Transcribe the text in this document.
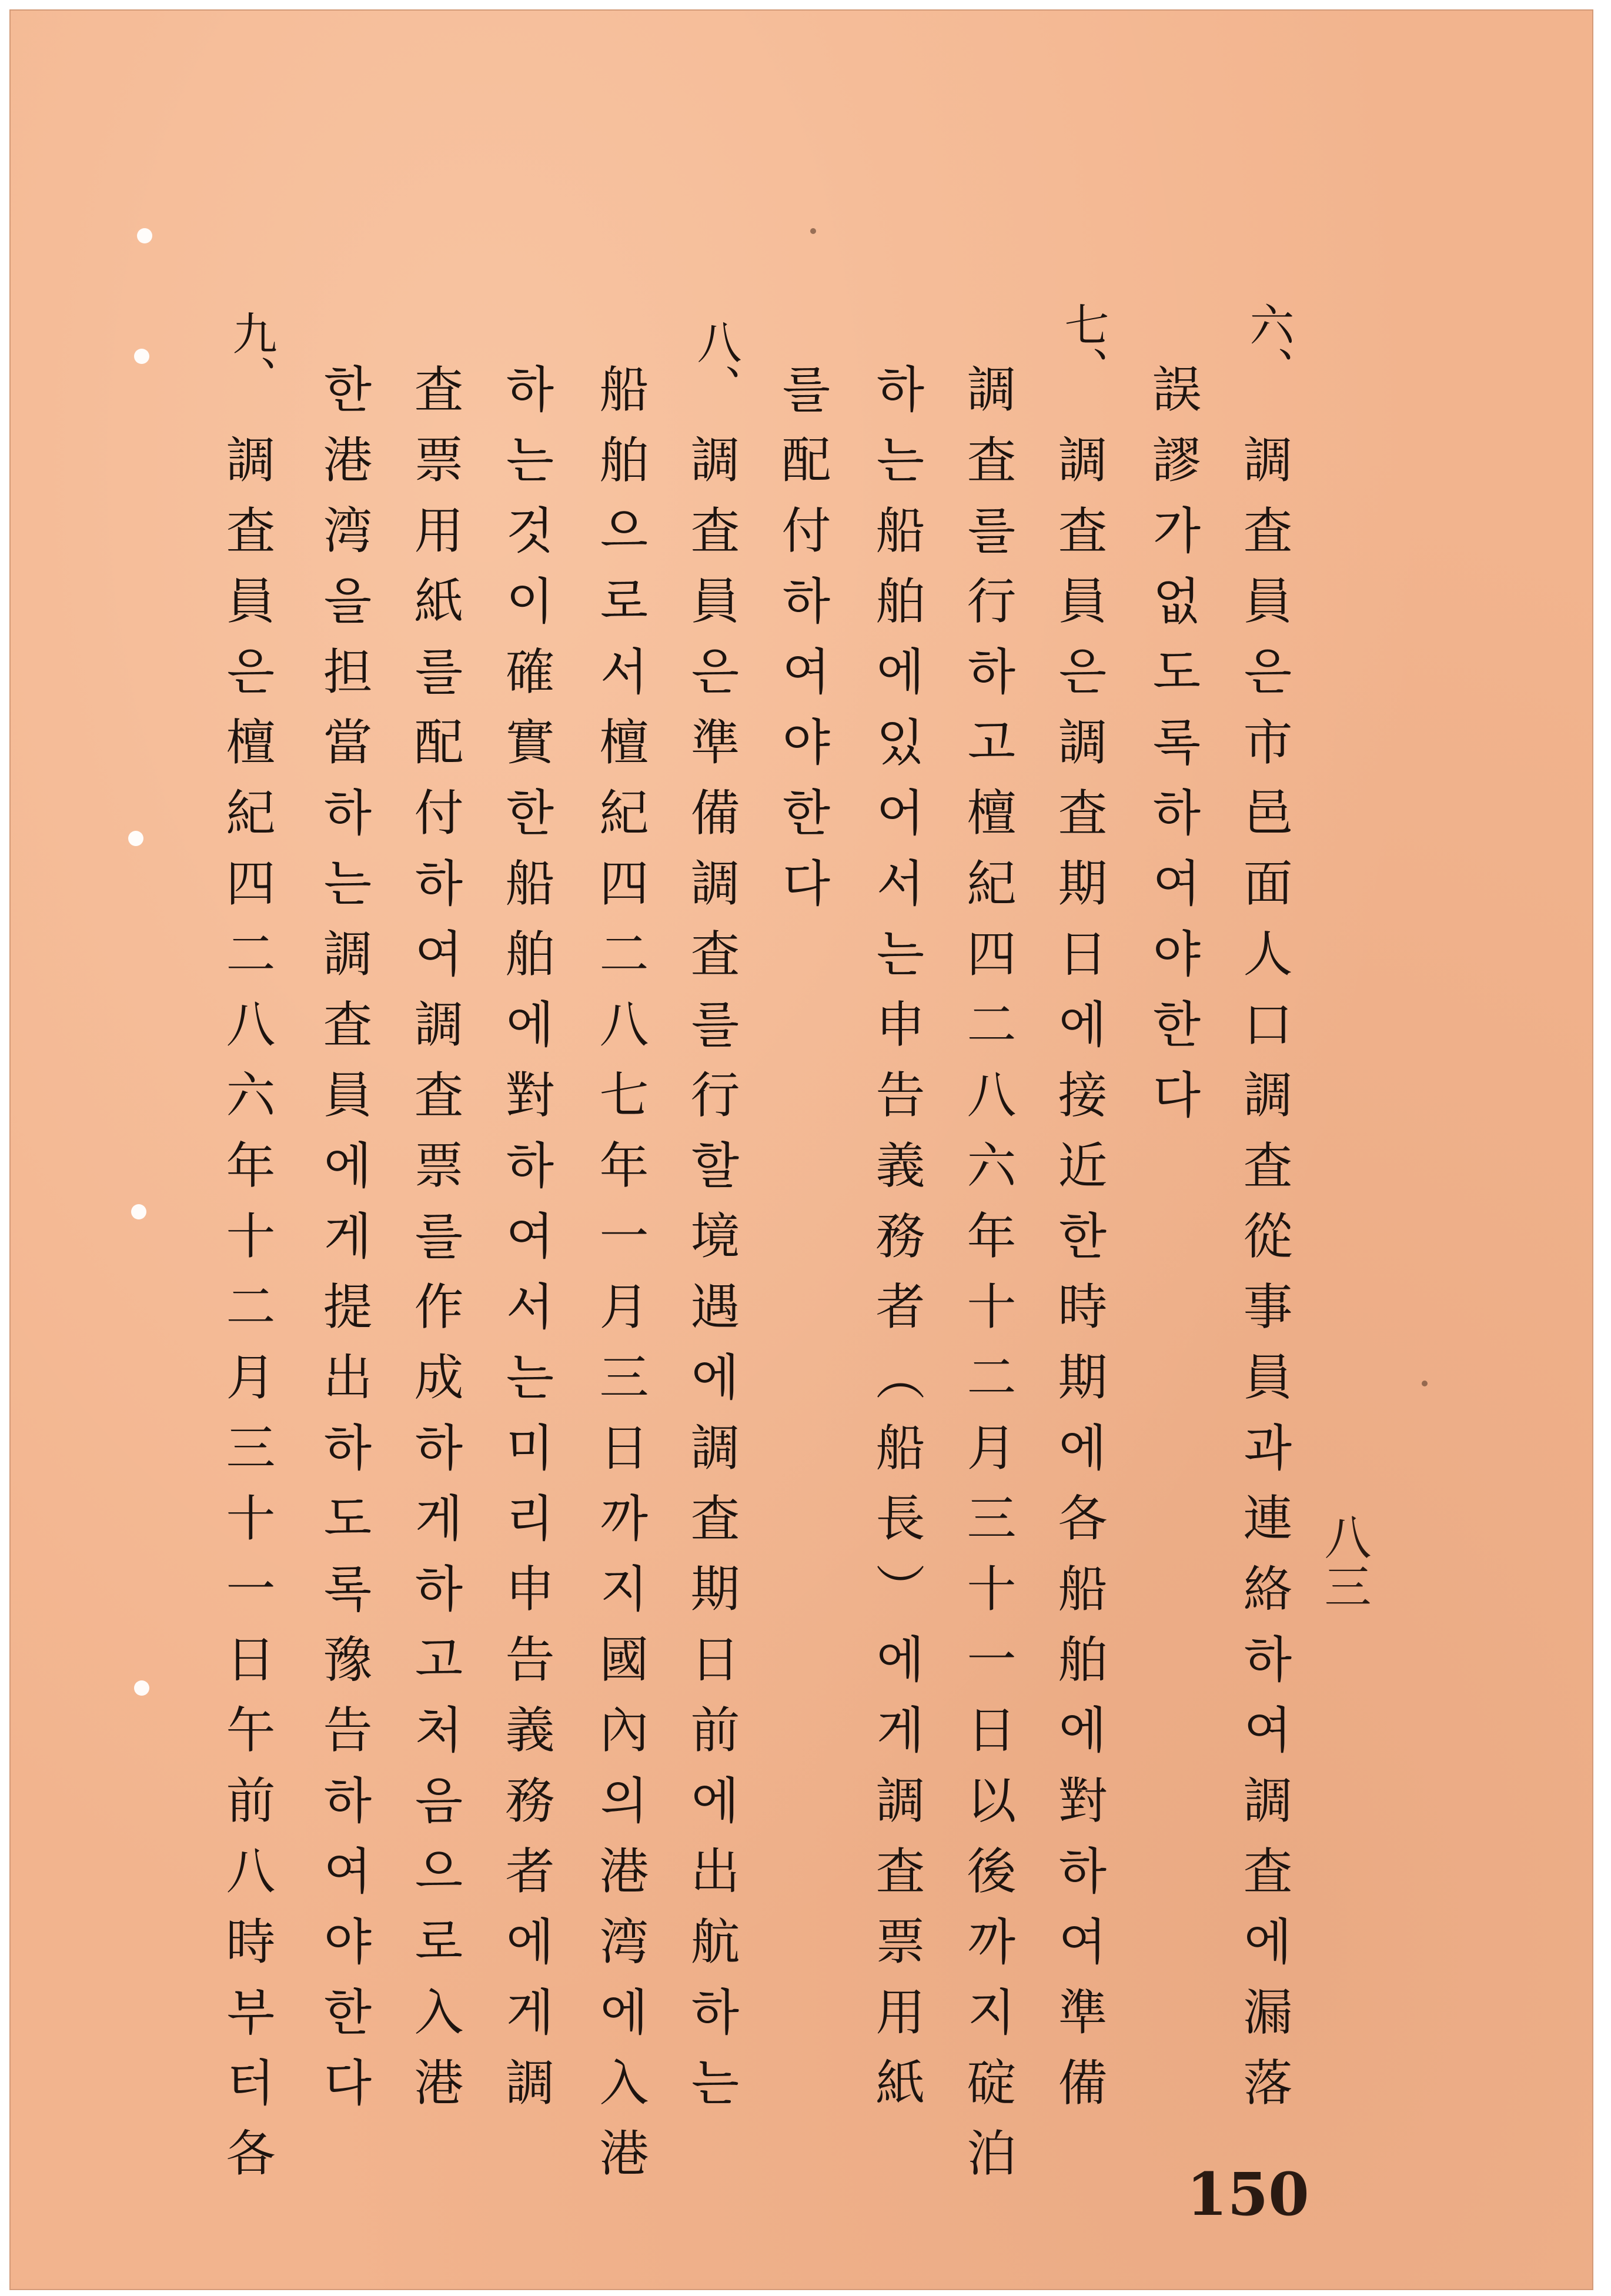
六、
七、
八、
九、
調査員은市邑面人口調査從事員과連絡하여調査에漏落
誤謬가없도록하여야한다
調査員은調査期日에接近한時期에各船舶에對하여準備
調査를行하고檀紀四二八六年十二月三十一日以後까지碇泊
하는船舶에있어서는申告義務者（船長）에게調査票用紙
를配付하여야한다
調査員은準備調査를行할境遇에調査期日前에出航하는
船舶으로서檀紀四二八七年一月三日까지國內의港湾에入港
하는것이確實한船舶에對하여서는미리申告義務者에게調
査票用紙를配付하여調査票를作成하게하고처음으로入港
한港湾을担當하는調査員에게提出하도록豫告하여야한다
調査員은檀紀四二八六年十二月三十一日午前八時부터各	八三
150
